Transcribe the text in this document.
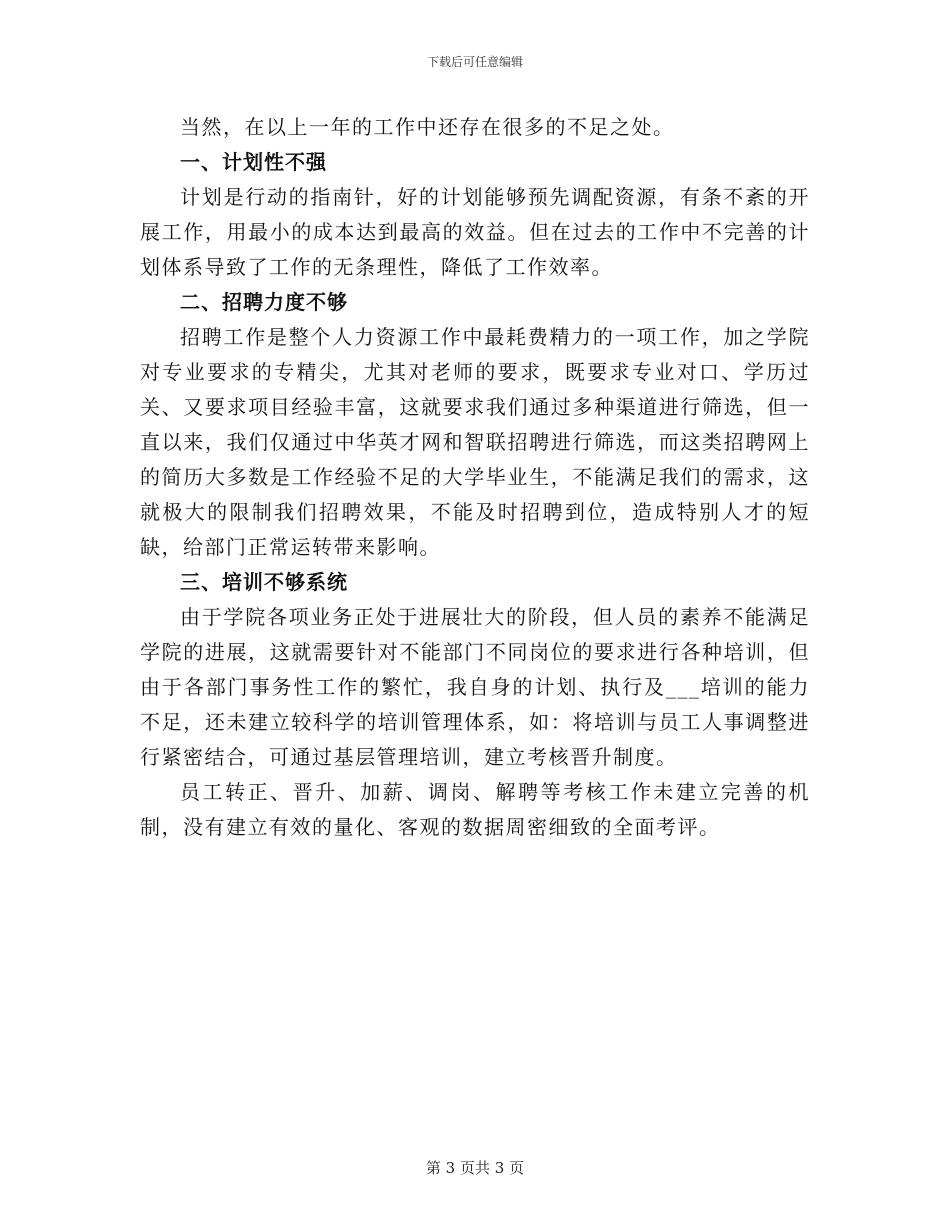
下载后可任意编辑

当然，在以上一年的工作中还存在很多的不足之处。

一、计划性不强

计划是行动的指南针，好的计划能够预先调配资源，有条不紊的开展工作，用最小的成本达到最高的效益。但在过去的工作中不完善的计划体系导致了工作的无条理性，降低了工作效率。

二、招聘力度不够

招聘工作是整个人力资源工作中最耗费精力的一项工作，加之学院对专业要求的专精尖，尤其对老师的要求，既要求专业对口、学历过关、又要求项目经验丰富，这就要求我们通过多种渠道进行筛选，但一直以来，我们仅通过中华英才网和智联招聘进行筛选，而这类招聘网上的简历大多数是工作经验不足的大学毕业生，不能满足我们的需求，这就极大的限制我们招聘效果，不能及时招聘到位，造成特别人才的短缺，给部门正常运转带来影响。

三、培训不够系统

由于学院各项业务正处于进展壮大的阶段，但人员的素养不能满足学院的进展，这就需要针对不能部门不同岗位的要求进行各种培训，但由于各部门事务性工作的繁忙，我自身的计划、执行及___培训的能力不足，还未建立较科学的培训管理体系，如：将培训与员工人事调整进行紧密结合，可通过基层管理培训，建立考核晋升制度。

员工转正、晋升、加薪、调岗、解聘等考核工作未建立完善的机制，没有建立有效的量化、客观的数据周密细致的全面考评。

第 3 页共 3 页
